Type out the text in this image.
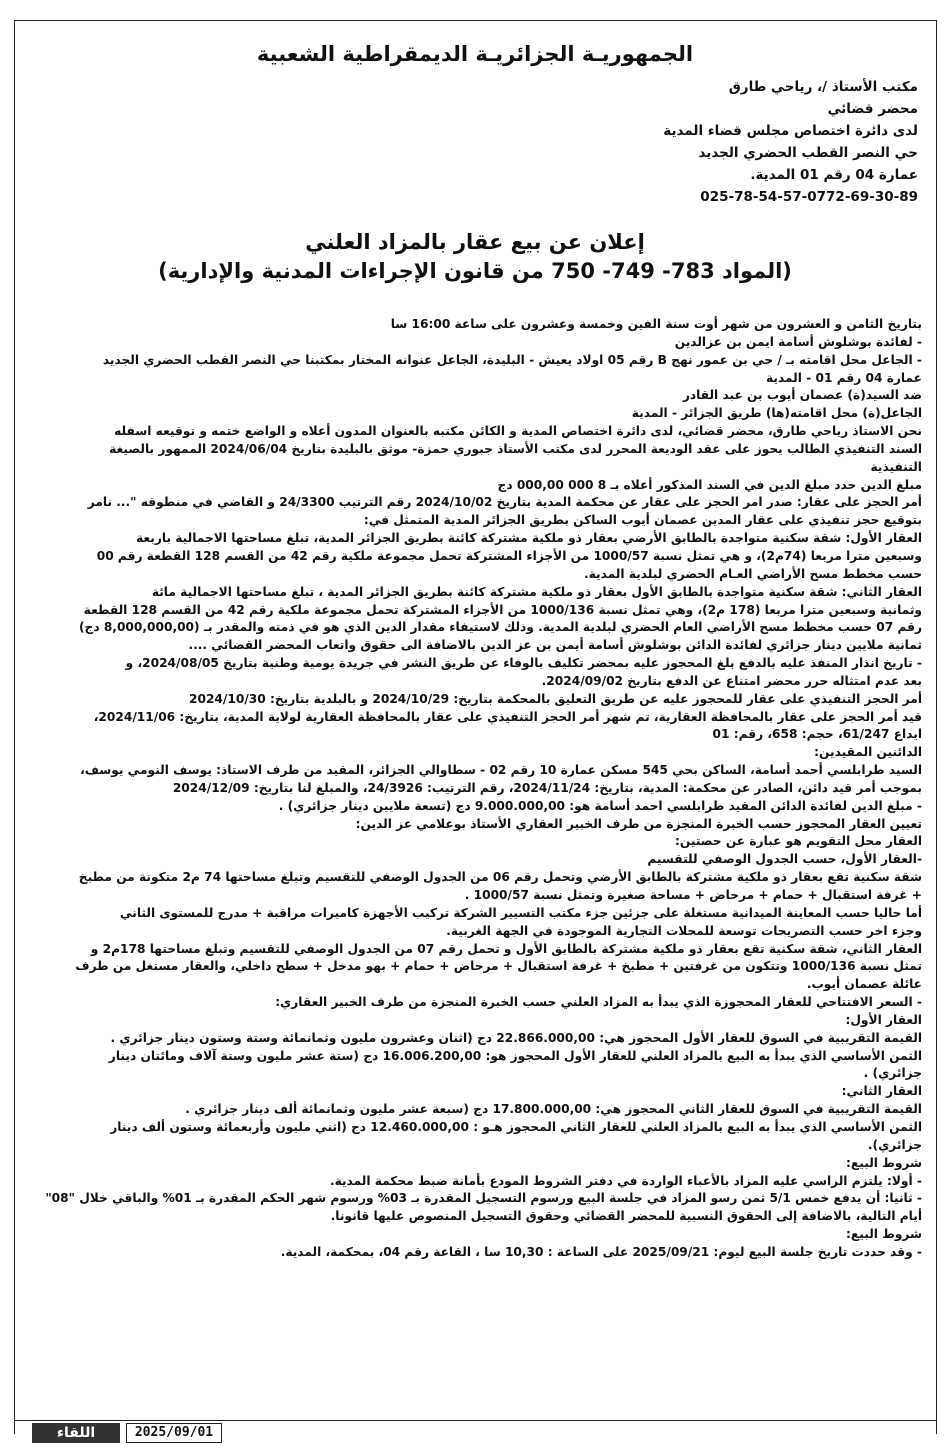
الجمهوريـة الجزائريـة الديمقراطية الشعبية
مكتب الأستاذ /، رياحي طارق
محضر قضائي
لدى دائرة اختصاص مجلس قضاء المدية
حي النصر القطب الحضري الجديد
عمارة 04 رقم 01 المدية.
025-78-54-57-0772-69-30-89
إعلان عن بيع عقار بالمزاد العلني
(المواد 783- 749- 750 من قانون الإجراءات المدنية والإدارية)

بتاريخ الثامن و العشرون من شهر أوت سنة الفين وخمسة وعشرون على ساعة 16:00 سا

- لفائدة بوشلوش أسامة ايمن بن عزالدين

- الجاعل محل اقامته بـ / حي بن عمور نهج B رقم 05 اولاد يعيش - البليدة، الجاعل عنوانه المختار بمكتبنا حي النصر القطب الحضري الجديد

عمارة 04 رقم 01 - المدية

ضد السيد(ة) عصمان أيوب بن عبد القادر

الجاعل(ة) محل اقامته(ها) طريق الجزائر - المدية

نحن الاستاذ رياحي طارق، محضر قضائي، لدى دائرة اختصاص المدية و الكائن مكتبه بالعنوان المدون أعلاه و الواضع ختمه و توقيعه اسفله

السند التنفيذي الطالب يحوز على عقد الوديعة المحرر لدى مكتب الأستاذ جبوري حمزة- موثق بالبليدة بتاريخ 2024/06/04 الممهور بالصيغة

التنفيذية

مبلغ الدين حدد مبلغ الدين في السند المذكور أعلاه بـ 8 000 000,00 دج

أمر الحجز على عقار: صدر امر الحجز على عقار عن محكمة المدية بتاريخ 2024/10/02 رقم الترتيب 24/3300 و القاضي في منطوقه "... نامر

بتوقيع حجز تنفيذي على عقار المدين عصمان أيوب الساكن بطريق الجزائر المدية المتمثل في:

العقار الأول: شقة سكنية متواجدة بالطابق الأرضي بعقار ذو ملكية مشتركة كائنة بطريق الجزائر المدية، تبلغ مساحتها الاجمالية باربعة

وسبعين مترا مربعا (74م2)، و هي تمثل نسبة 1000/57 من الأجزاء المشتركة تحمل مجموعة ملكية رقم 42 من القسم 128 القطعة رقم 00

حسب مخطط مسح الأراضي العـام الحضري لبلدية المدية.

العقار الثاني: شقة سكنية متواجدة بالطابق الأول بعقار ذو ملكية مشتركة كائنة بطريق الجزائر المدية ، تبلغ مساحتها الاجمالية مائة

وثمانية وسبعين مترا مربعا (178 م2)، وهي تمثل نسبة 1000/136 من الأجزاء المشتركة تحمل مجموعة ملكية رقم 42 من القسم 128 القطعة

رقم 07 حسب مخطط مسح الأراضي العام الحضري لبلدية المدية. وذلك لاستيفاء مقدار الدين الذي هو في ذمته والمقدر بـ (8,000,000,00 دج)

ثمانية ملايين دينار جزائري لفائدة الدائن بوشلوش أسامة أيمن بن عز الدين بالاضافة الى حقوق واتعاب المحضر القضائي ....

- تاريخ انذار المنفذ عليه بالدفع بلغ المحجوز عليه بمحضر تكليف بالوفاء عن طريق النشر في جريدة يومية وطنية بتاريخ 2024/08/05، و

بعد عدم امتثاله حرر محضر امتناع عن الدفع بتاريخ 2024/09/02.

أمر الحجز التنفيذي على عقار للمحجوز عليه عن طريق التعليق بالمحكمة بتاريخ: 2024/10/29 و بالبلدية بتاريخ: 2024/10/30

قيد أمر الحجز على عقار بالمحافظة العقارية، تم شهر أمر الحجز التنفيذي على عقار بالمحافظة العقارية لولاية المدية، بتاريخ: 2024/11/06،

ايداع 61/247، حجم: 658، رقم: 01

الدائنين المقيدين:

السيد طرابلسي أحمد أسامة، الساكن بحي 545 مسكن عمارة 10 رقم 02 - سطاوالي الجزائر، المقيد من طرف الاستاذ: يوسف النومي يوسف،

بموجب أمر قيد دائن، الصادر عن محكمة: المدية، بتاريخ: 2024/11/24، رقم الترتيب: 24/3926، والمبلغ لنا بتاريخ: 2024/12/09

- مبلغ الدين لفائدة الدائن المقيد طرابلسي احمد أسامة هو: 9.000.000,00 دج (تسعة ملايين دينار جزائري) .

تعيين العقار المحجوز حسب الخبرة المنجزة من طرف الخبير العقاري الأستاذ بوعلامي عز الدين:

العقار محل التقويم هو عبارة عن حصتين:

-العقار الأول، حسب الجدول الوصفي للتقسيم

شقة سكنية تقع بعقار ذو ملكية مشتركة بالطابق الأرضي وتحمل رقم 06 من الجدول الوصفي للتقسيم وتبلغ مساحتها 74 م2 متكونة من مطبخ

+ غرفة استقبال + حمام + مرحاض + مساحة صغيرة وتمثل نسبة 1000/57 .

أما حاليا حسب المعاينة الميدانية مستغلة على جزئين جزء مكتب التسيير الشركة تركيب الأجهزة كاميرات مراقبة + مدرج للمستوى الثاني

وجزء اخر حسب التصريحات توسعة للمحلات التجارية الموجودة في الجهة الغربية.

العقار الثاني، شقة سكنية تقع بعقار ذو ملكية مشتركة بالطابق الأول و تحمل رقم 07 من الجدول الوصفي للتقسيم وتبلغ مساحتها 178م2 و

تمثل نسبة 1000/136 وتتكون من غرفتين + مطبخ + غرفة استقبال + مرحاض + حمام + بهو مدخل + سطح داخلي، والعقار مستغل من طرف

عائلة عصمان أيوب.

- السعر الافتتاحي للعقار المحجوزة الذي يبدأ به المزاد العلني حسب الخبرة المنجزة من طرف الخبير العقاري:

العقار الأول:

القيمة التقريبية في السوق للعقار الأول المحجوز هي: 22.866.000,00 دج (اثنان وعشرون مليون وثمانمائة وستة وستون دينار جزائري .

الثمن الأساسي الذي يبدأ به البيع بالمزاد العلني للعقار الأول المحجوز هو: 16.006.200,00 دج (ستة عشر مليون وستة آلاف ومائتان دينار

جزائري) .

العقار الثاني:

القيمة التقريبية في السوق للعقار الثاني المحجوز هي: 17.800.000,00 دج (سبعة عشر مليون وثمانمائة ألف دينار جزائري .

الثمن الأساسي الذي يبدأ به البيع بالمزاد العلني للعقار الثاني المحجوز هـو : 12.460.000,00 دج (اثني مليون وأربعمائة وستون ألف دينار

جزائري).

شروط البيع:

- أولا: يلتزم الراسي عليه المزاد بالأعباء الواردة في دفتر الشروط المودع بأمانة ضبط محكمة المدية.

- ثانيا: أن يدفع خمس 5/1 ثمن رسو المزاد في جلسة البيع ورسوم التسجيل المقدرة بـ 03% ورسوم شهر الحكم المقدرة بـ 01% والباقي خلال "08"

أيام التالية، بالاضافة إلى الحقوق النسبية للمحضر القضائي وحقوق التسجيل المنصوص عليها قانونا.

شروط البيع:

- وقد حددت تاريخ جلسة البيع ليوم: 2025/09/21 على الساعة : 10,30 سا ، القاعة رقم 04، بمحكمة، المدية.

2025/09/01
اللقاء
